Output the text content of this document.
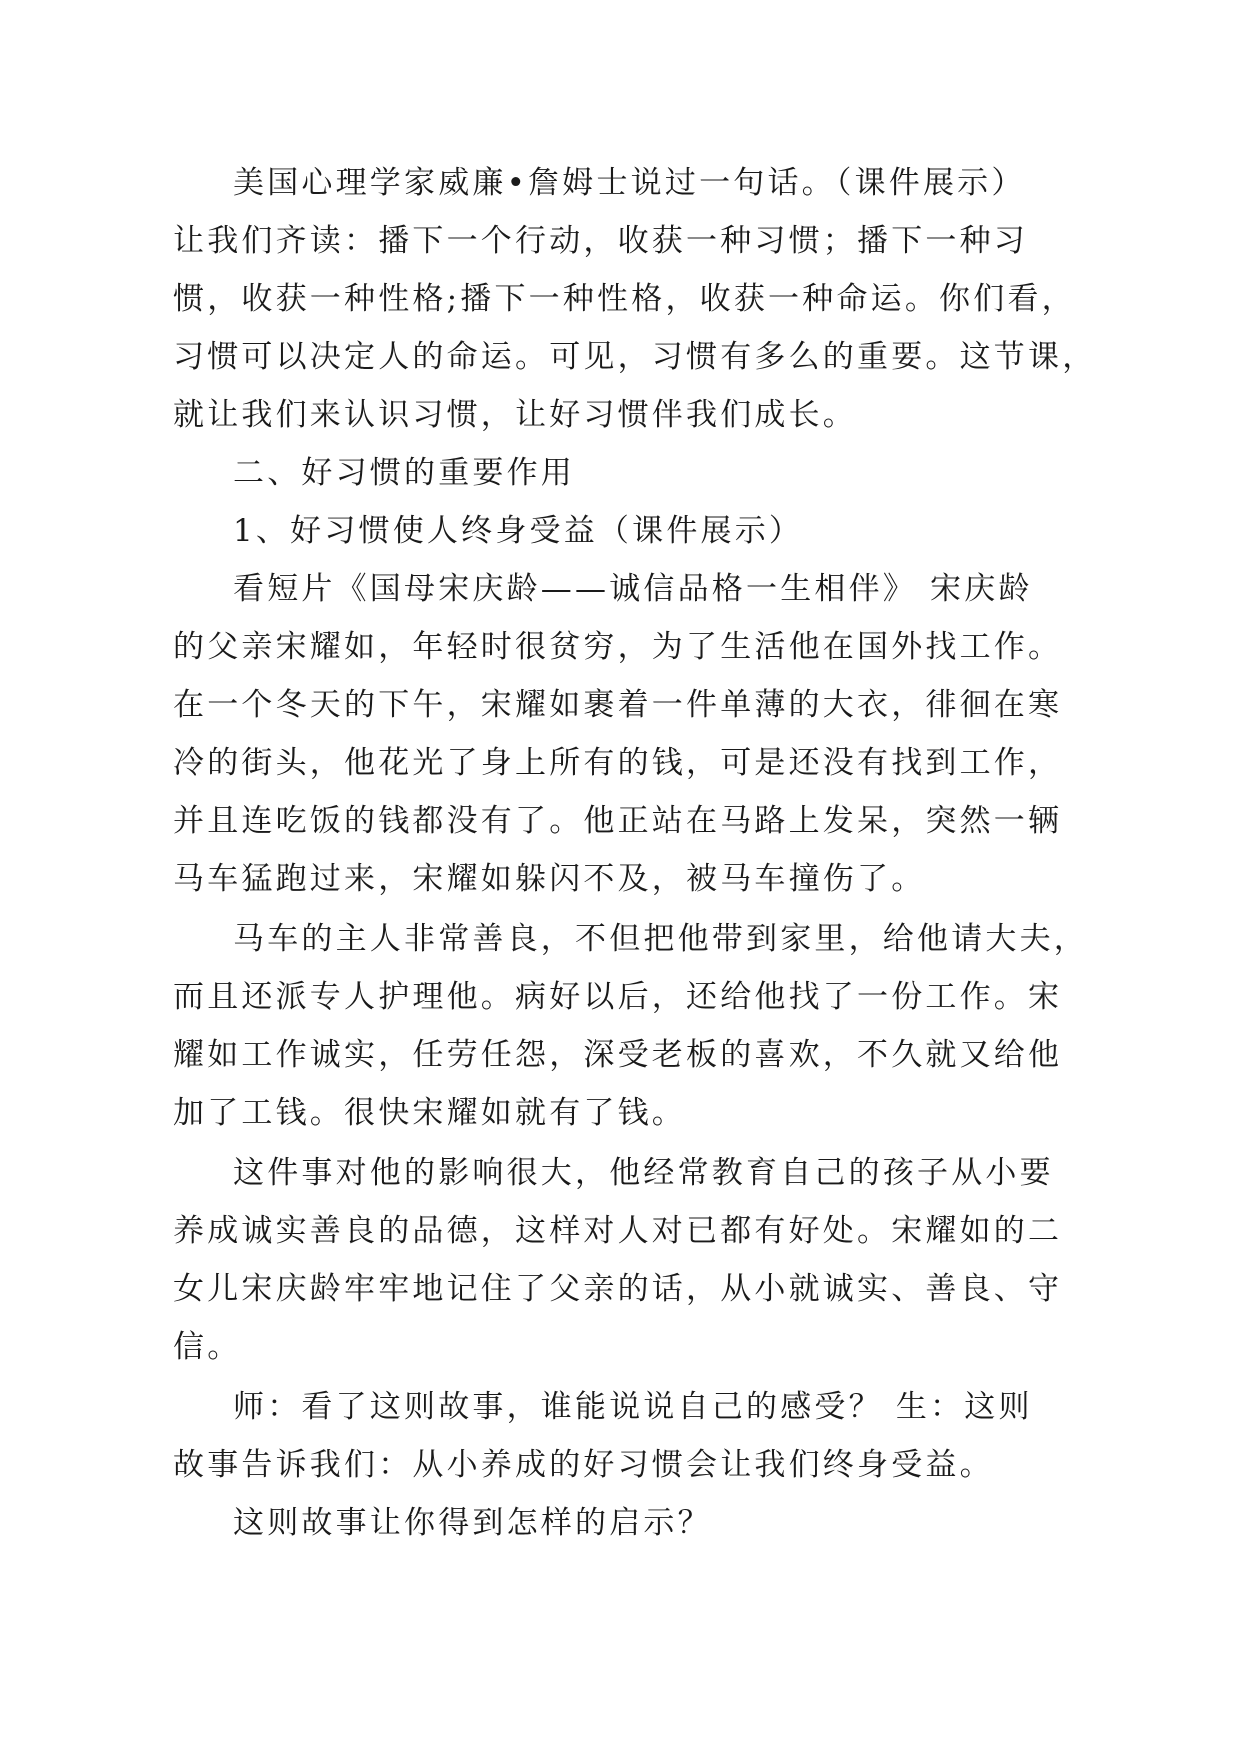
美国心理学家威廉•詹姆士说过一句话。（课件展示）
让我们齐读：播下一个行动，收获一种习惯；播下一种习
惯，收获一种性格;播下一种性格，收获一种命运。你们看，
习惯可以决定人的命运。可见，习惯有多么的重要。这节课，
就让我们来认识习惯，让好习惯伴我们成长。
二、好习惯的重要作用
1、好习惯使人终身受益（课件展示）
看短片《国母宋庆龄——诚信品格一生相伴》 宋庆龄
的父亲宋耀如，年轻时很贫穷，为了生活他在国外找工作。
在一个冬天的下午，宋耀如裹着一件单薄的大衣，徘徊在寒
冷的街头，他花光了身上所有的钱，可是还没有找到工作，
并且连吃饭的钱都没有了。他正站在马路上发呆，突然一辆
马车猛跑过来，宋耀如躲闪不及，被马车撞伤了。
马车的主人非常善良，不但把他带到家里，给他请大夫，
而且还派专人护理他。病好以后，还给他找了一份工作。宋
耀如工作诚实，任劳任怨，深受老板的喜欢，不久就又给他
加了工钱。很快宋耀如就有了钱。
这件事对他的影响很大，他经常教育自己的孩子从小要
养成诚实善良的品德，这样对人对已都有好处。宋耀如的二
女儿宋庆龄牢牢地记住了父亲的话，从小就诚实、善良、守
信。
师：看了这则故事，谁能说说自己的感受？ 生：这则
故事告诉我们：从小养成的好习惯会让我们终身受益。
这则故事让你得到怎样的启示？
